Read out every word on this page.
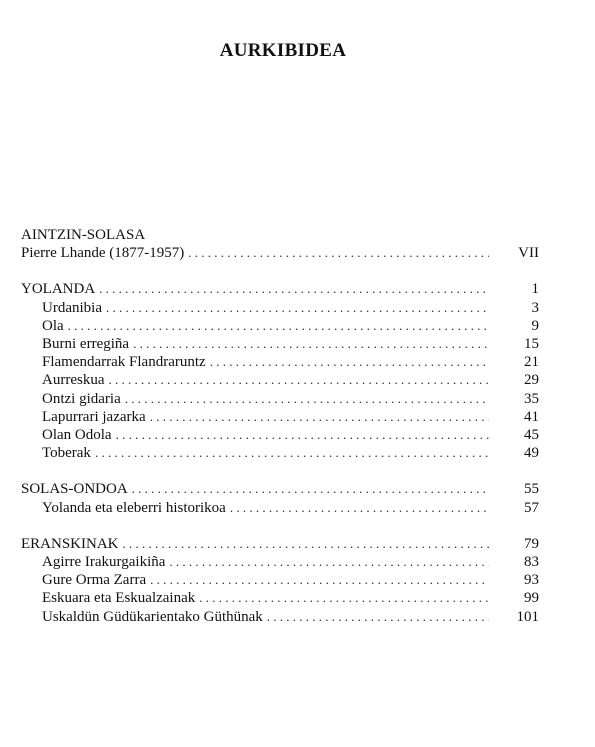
AURKIBIDEA
AINTZIN-SOLASA
Pierre Lhande (1877-1957) . . .	VII
YOLANDA . . .	1
Urdanibia . . .	3
Ola . . .	9
Burni erregiña . . .	15
Flamendarrak Flandraruntz . . .	21
Aurreskua . . .	29
Ontzi gidaria . . .	35
Lapurrari jazarka . . .	41
Olan Odola . . .	45
Toberak . . .	49
SOLAS-ONDOA . . .	55
Yolanda eta eleberri historikoa . . .	57
ERANSKINAK . . .	79
Agirre Irakurgaikiña . . .	83
Gure Orma Zarra . . .	93
Eskuara eta Eskualzainak . . .	99
Uskaldün Güdükarientako Güthünak . . .	101
